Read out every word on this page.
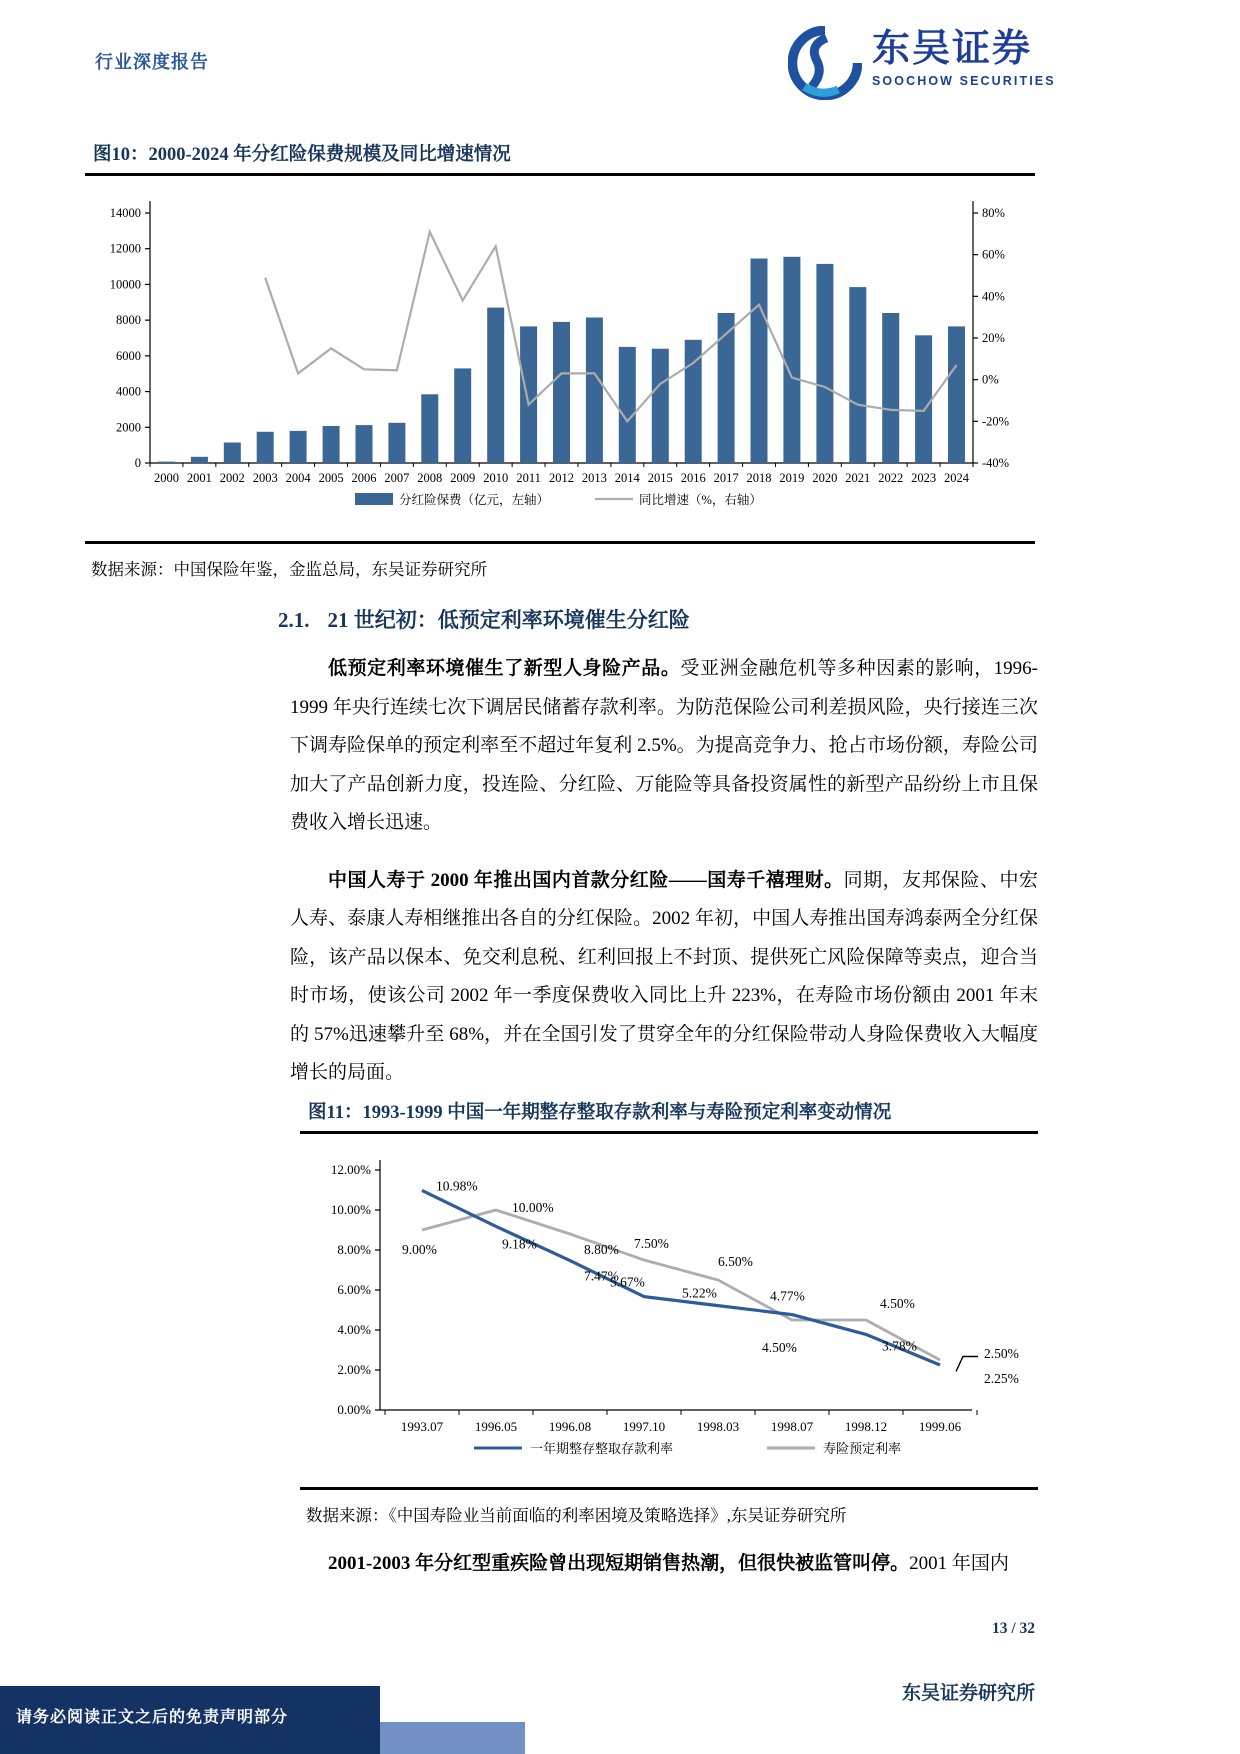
行业深度报告	东吴证券
SOOCHOW SECURITIES
图10：2000-2024 年分红险保费规模及同比增速情况
0
2000
4000
6000
8000
10000
12000
14000
-40%
-20%
0%
20%
40%
60%
80%
2000 2001 2002 2003 2004 2005 2006 2007 2008 2009 2010 2011 2012 2013 2014 2015 2016 2017 2018 2019 2020 2021 2022 2023 2024
分红险保费（亿元，左轴）	同比增速（%，右轴）
数据来源：中国保险年鉴，金监总局，东吴证券研究所
2.1. 21 世纪初：低预定利率环境催生分红险

低预定利率环境催生了新型人身险产品。受亚洲金融危机等多种因素的影响，1996-1999 年央行连续七次下调居民储蓄存款利率。为防范保险公司利差损风险，央行接连三次下调寿险保单的预定利率至不超过年复利 2.5%。为提高竞争力、抢占市场份额，寿险公司加大了产品创新力度，投连险、分红险、万能险等具备投资属性的新型产品纷纷上市且保费收入增长迅速。

中国人寿于 2000 年推出国内首款分红险——国寿千禧理财。同期，友邦保险、中宏人寿、泰康人寿相继推出各自的分红保险。2002 年初，中国人寿推出国寿鸿泰两全分红保险，该产品以保本、免交利息税、红利回报上不封顶、提供死亡风险保障等卖点，迎合当时市场，使该公司 2002 年一季度保费收入同比上升 223%，在寿险市场份额由 2001 年末的 57%迅速攀升至 68%，并在全国引发了贯穿全年的分红保险带动人身险保费收入大幅度增长的局面。

图11：1993-1999 中国一年期整存整取存款利率与寿险预定利率变动情况
0.00%
2.00%
4.00%
6.00%
8.00%
10.00%
12.00%
1993.07 1996.05 1996.08 1997.10 1998.03 1998.07 1998.12 1999.06
10.98%
9.18%
7.47%
5.67%
5.22%	4.77%
3.78%
2.25%
9.00%
10.00%
8.80% 7.50%
6.50%
4.50%
4.50%
2.50%
一年期整存整取存款利率	寿险预定利率
数据来源：《中国寿险业当前面临的利率困境及策略选择》,东吴证券研究所
2001-2003 年分红型重疾险曾出现短期销售热潮，但很快被监管叫停。2001 年国内
13 / 32
东吴证券研究所
请务必阅读正文之后的免责声明部分
